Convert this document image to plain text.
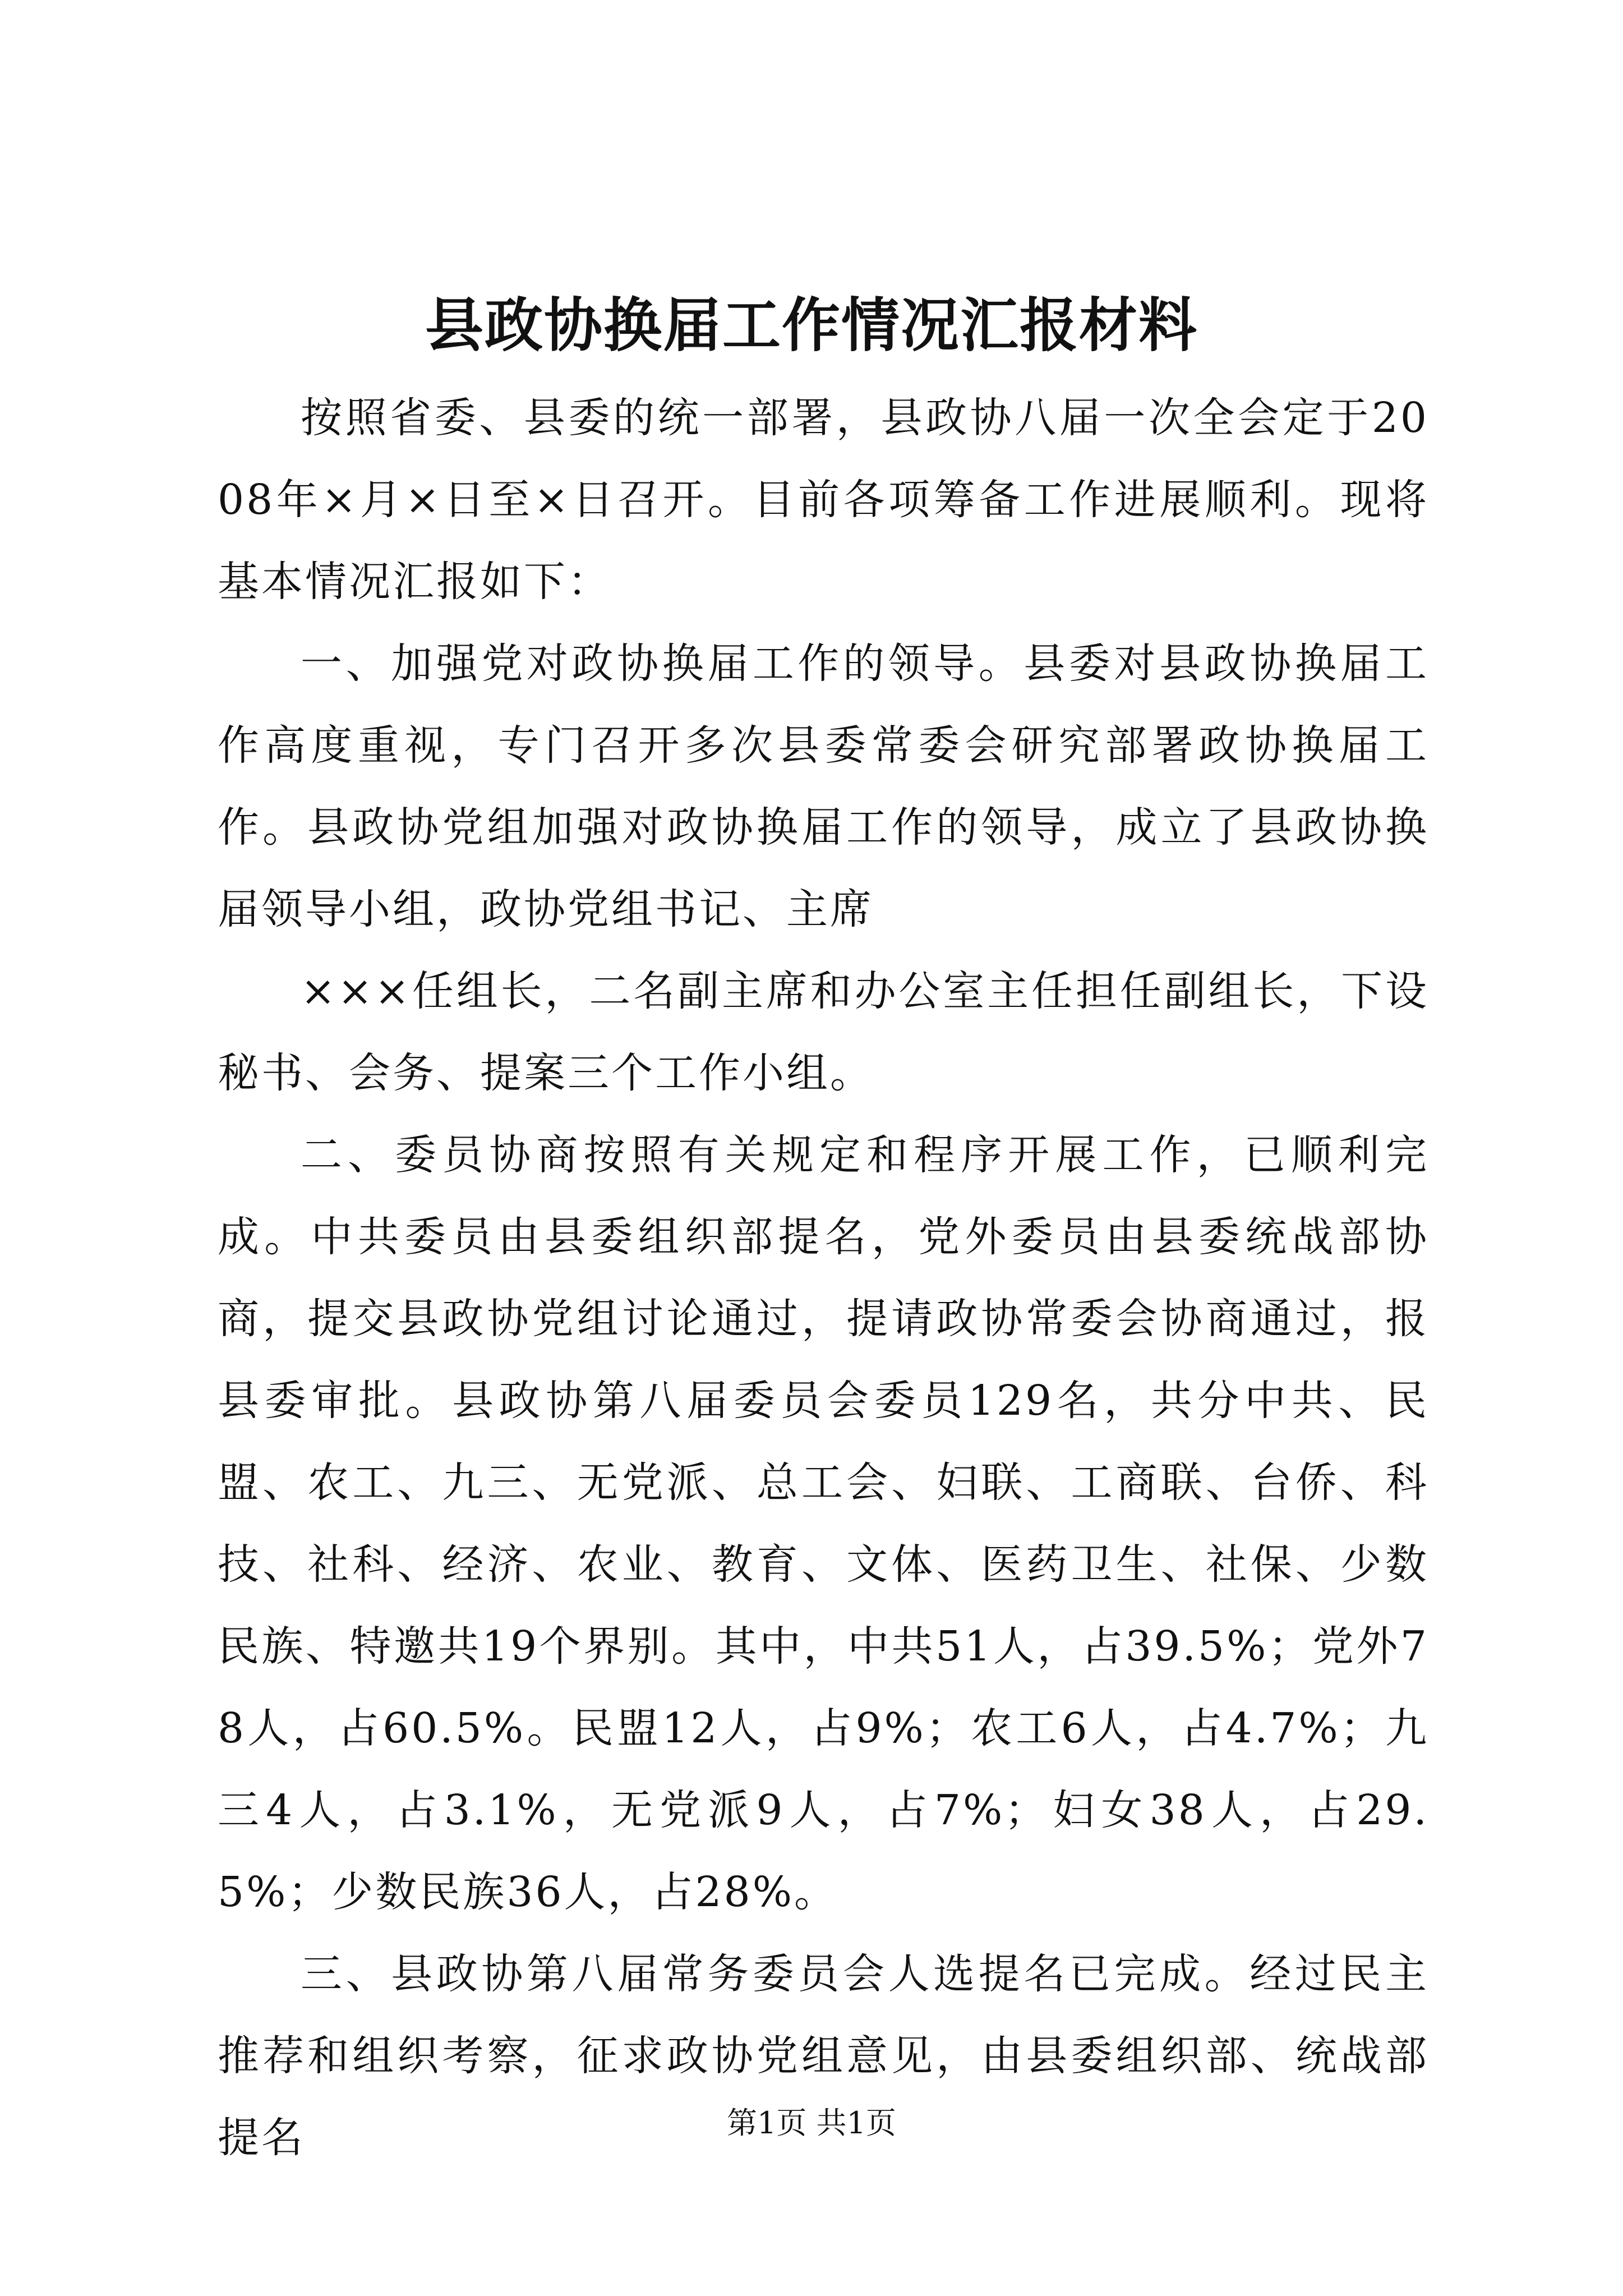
县政协换届工作情况汇报材料

按照省委、县委的统一部署，县政协八届一次全会定于2008年×月×日至×日召开。目前各项筹备工作进展顺利。现将基本情况汇报如下：

一、加强党对政协换届工作的领导。县委对县政协换届工作高度重视，专门召开多次县委常委会研究部署政协换届工作。县政协党组加强对政协换届工作的领导，成立了县政协换届领导小组，政协党组书记、主席

×××任组长，二名副主席和办公室主任担任副组长，下设秘书、会务、提案三个工作小组。

二、委员协商按照有关规定和程序开展工作，已顺利完成。中共委员由县委组织部提名，党外委员由县委统战部协商，提交县政协党组讨论通过，提请政协常委会协商通过，报县委审批。县政协第八届委员会委员129名，共分中共、民盟、农工、九三、无党派、总工会、妇联、工商联、台侨、科技、社科、经济、农业、教育、文体、医药卫生、社保、少数民族、特邀共19个界别。其中，中共51人，占39.5%；党外78人，占60.5%。民盟12人，占9%；农工6人，占4.7%；九三4人，占3.1%，无党派9人，占7%；妇女38人，占29.5%；少数民族36人，占28%。

三、县政协第八届常务委员会人选提名已完成。经过民主推荐和组织考察，征求政协党组意见，由县委组织部、统战部提名	第1页 共1页
